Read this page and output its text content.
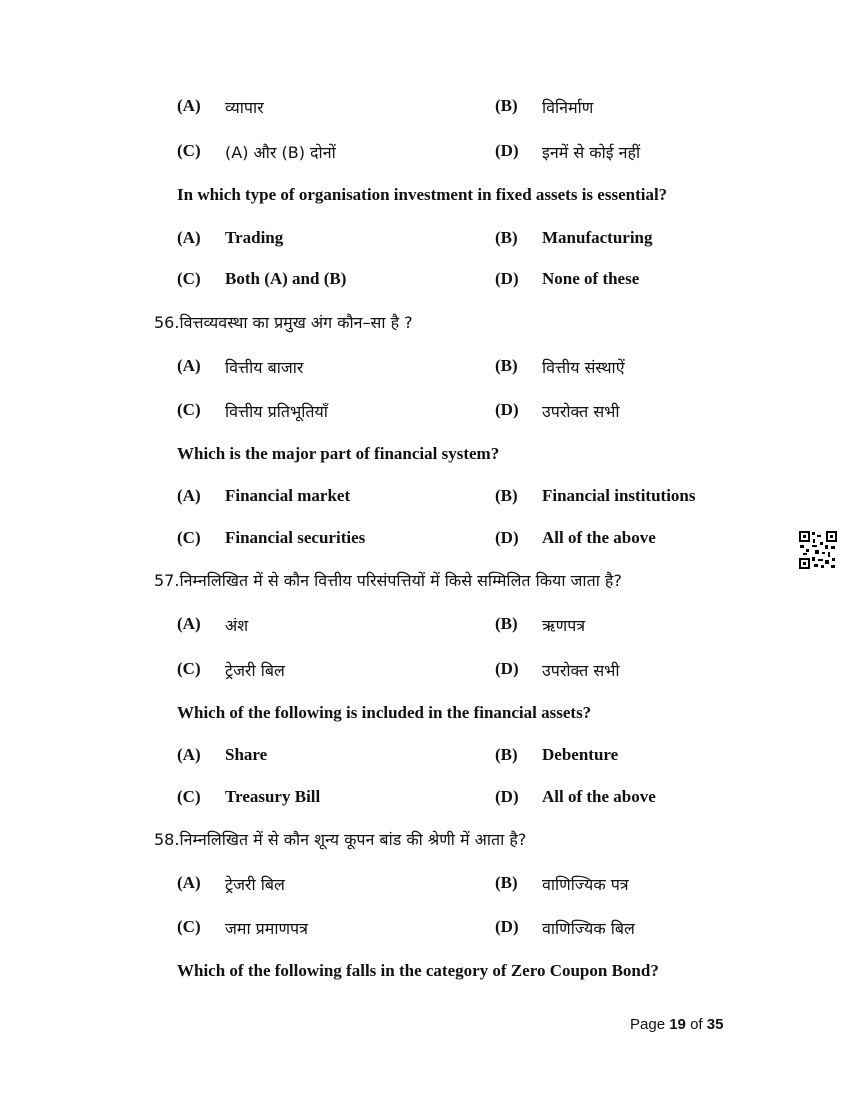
(A) व्यापार	(B) विनिर्माण
(C) (A) और (B) दोनों	(D) इनमें से कोई नहीं
In which type of organisation investment in fixed assets is essential?
(A) Trading	(B) Manufacturing
(C) Both (A) and (B)	(D) None of these
56.वित्तव्यवस्था का प्रमुख अंग कौन–सा है ?
(A) वित्तीय बाजार	(B) वित्तीय संस्थाऐं
(C) वित्तीय प्रतिभूतियाँ	(D) उपरोक्त सभी
Which is the major part of financial system?
(A) Financial market	(B) Financial institutions
(C) Financial securities	(D) All of the above
57.निम्नलिखित में से कौन वित्तीय परिसंपत्तियों में किसे सम्मिलित किया जाता है?
(A) अंश	(B) ऋणपत्र
(C) ट्रेजरी बिल	(D) उपरोक्त सभी
Which of the following is included in the financial assets?
(A) Share	(B) Debenture
(C) Treasury Bill	(D) All of the above
58.निम्नलिखित में से कौन शून्य कूपन बांड की श्रेणी में आता है?
(A) ट्रेजरी बिल	(B) वाणिज्यिक पत्र
(C) जमा प्रमाणपत्र	(D) वाणिज्यिक बिल
Which of the following falls in the category of Zero Coupon Bond?
Page 19 of 35
